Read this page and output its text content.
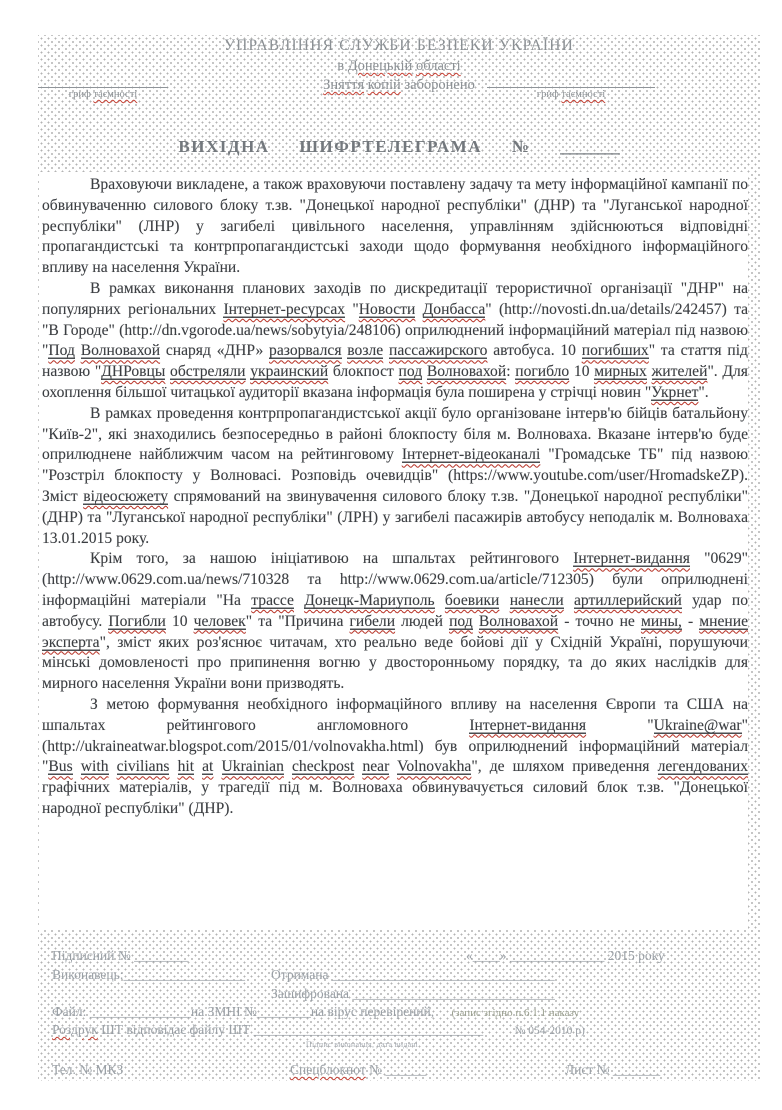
УПРАВЛІННЯ СЛУЖБИ БЕЗПЕКИ УКРАЇНИ
в Донецькій області
Зняття копій заборонено
гриф таємності	гриф таємності
ВИХІДНА ШИФРТЕЛЕГРАМА № _______

Враховуючи викладене, а також враховуючи поставлену задачу та мету інформаційної кампанії по обвинуваченню силового блоку т.зв. "Донецької народної республіки" (ДНР) та "Луганської народної республіки" (ЛНР) у загибелі цивільного населення, управлінням здійснюються відповідні пропагандистські та контрпропагандистські заходи щодо формування необхідного інформаційного впливу на населення України.

В рамках виконання планових заходів по дискредитації терористичної організації "ДНР" на популярних регіональних Інтернет-ресурсах "Новости Донбасса" (http://novosti.dn.ua/details/242457) та "В Городе" (http://dn.vgorode.ua/news/sobytyia/248106) оприлюднений інформаційний матеріал під назвою "Под Волновахой снаряд «ДНР» разорвался возле пассажирского автобуса. 10 погибших" та стаття під назвою "ДНРовцы обстреляли украинский блокпост под Волновахой: погибло 10 мирных жителей". Для охоплення більшої читацької аудиторії вказана інформація була поширена у стрічці новин "Укрнет".

В рамках проведення контрпропагандистської акції було організоване інтерв'ю бійців батальйону "Київ-2", які знаходились безпосередньо в районі блокпосту біля м. Волноваха. Вказане інтерв'ю буде оприлюднене найближчим часом на рейтинговому Інтернет-відеоканалі "Громадське ТБ" під назвою "Розстріл блокпосту у Волновасі. Розповідь очевидців" (https://www.youtube.com/user/HromadskeZP). Зміст відеосюжету спрямований на звинувачення силового блоку т.зв. "Донецької народної республіки" (ДНР) та "Луганської народної республіки" (ЛРН) у загибелі пасажирів автобусу неподалік м. Волноваха 13.01.2015 року.

Крім того, за нашою ініціативою на шпальтах рейтингового Інтернет-видання "0629" (http://www.0629.com.ua/news/710328 та http://www.0629.com.ua/article/712305) були оприлюднені інформаційні матеріали "На трассе Донецк-Мариуполь боевики нанесли артиллерийский удар по автобусу. Погибли 10 человек" та "Причина гибели людей под Волновахой - точно не мины, - мнение эксперта", зміст яких роз'яснює читачам, хто реально веде бойові дії у Східній Україні, порушуючи мінські домовленості про припинення вогню у двосторонньому порядку, та до яких наслідків для мирного населення України вони призводять.

З метою формування необхідного інформаційного впливу на населення Європи та США на шпальтах рейтингового англомовного Інтернет-видання "Ukraine@war" (http://ukraineatwar.blogspot.com/2015/01/volnovakha.html) був оприлюднений інформаційний матеріал "Bus with civilians hit at Ukrainian checkpost near Volnovakha", де шляхом приведення легендованих графічних матеріалів, у трагедії під м. Волноваха обвинувачується силовий блок т.зв. "Донецької народної республіки" (ДНР).

Підписний № ________	«____» ______________ 2015 року
Виконавець:__________________ Отримана _________________________________
Зашифрована ______________________________
Файл: _______________на ЗМНІ №________на вірус перевірений, (запис згідно п.6.1.1 наказу
Роздрук ШТ відповідає файлу ШТ __________________________________	№ 054-2010 р)
Підпис виконавця, дата видачі
Тел. № МКЗ	Спецблокнот № ______	Лист № _______
